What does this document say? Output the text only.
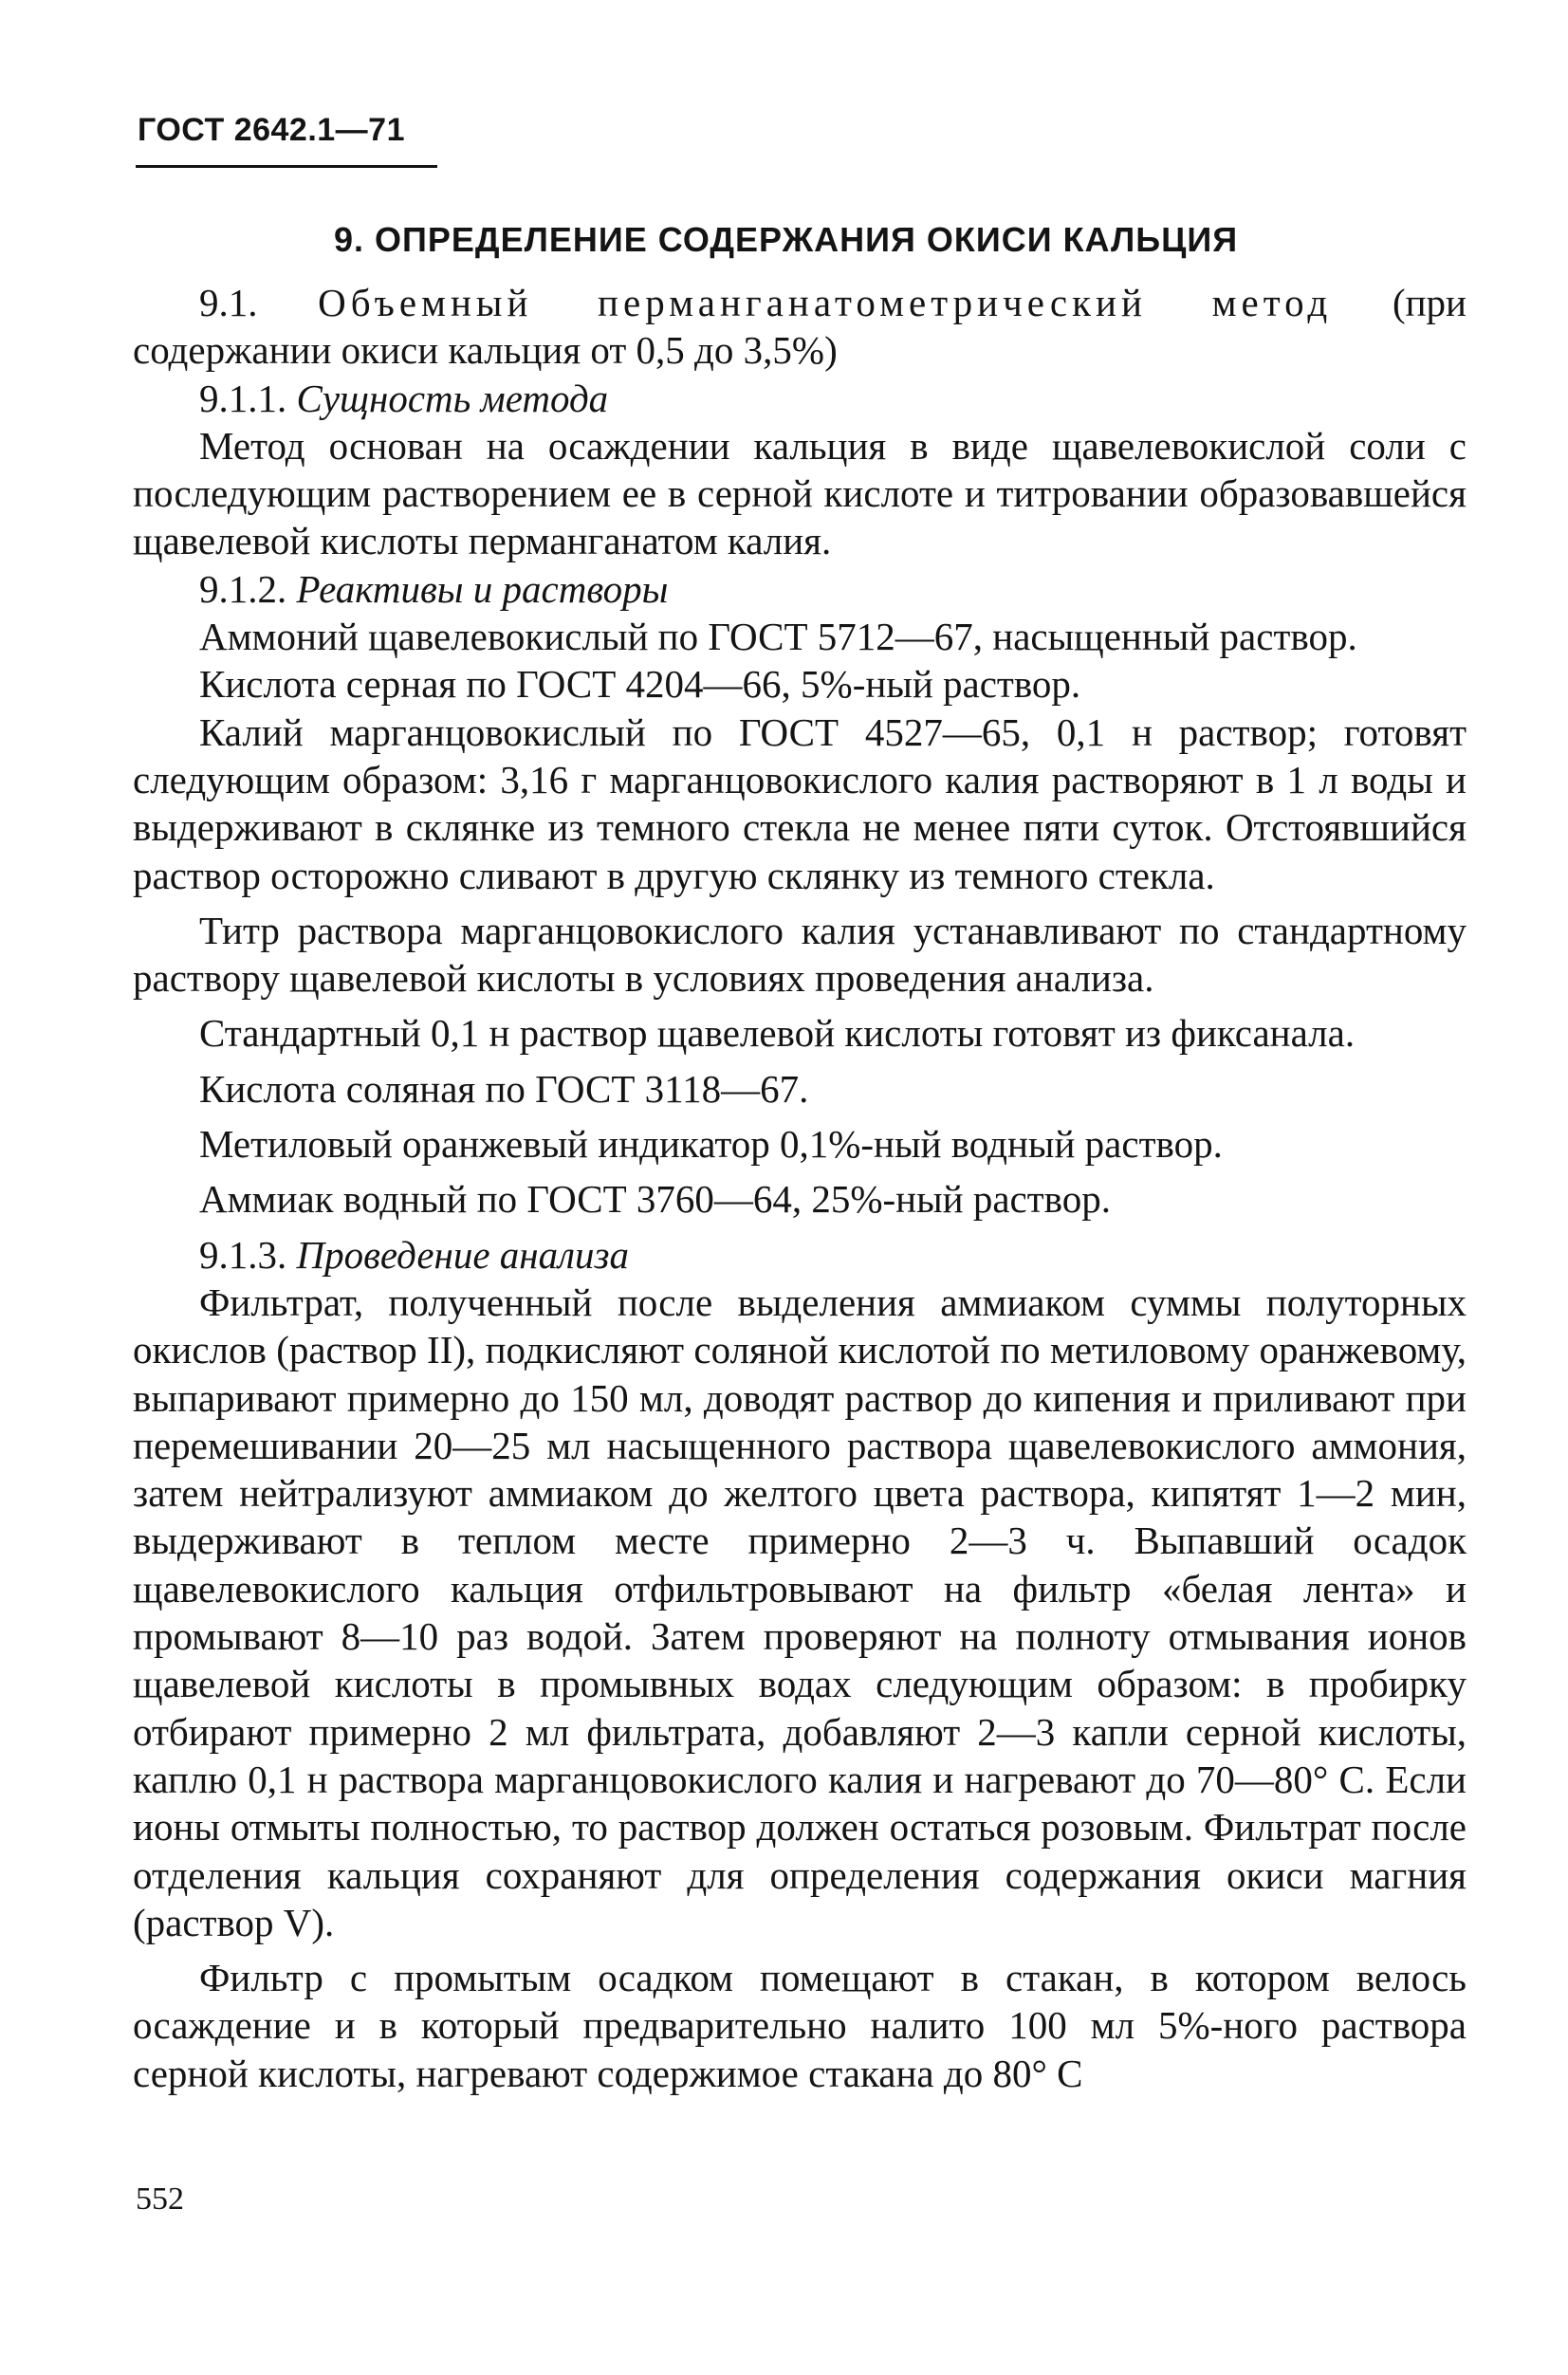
ГОСТ 2642.1—71
9. ОПРЕДЕЛЕНИЕ СОДЕРЖАНИЯ ОКИСИ КАЛЬЦИЯ

9.1. Объемный перманганатометрический метод (при содержании окиси кальция от 0,5 до 3,5%)

9.1.1. Сущность метода

Метод основан на осаждении кальция в виде щавелевокислой соли с последующим растворением ее в серной кислоте и титровании образовавшейся щавелевой кислоты перманганатом калия.

9.1.2. Реактивы и растворы

Аммоний щавелевокислый по ГОСТ 5712—67, насыщенный раствор.

Кислота серная по ГОСТ 4204—66, 5%-ный раствор.

Калий марганцовокислый по ГОСТ 4527—65, 0,1 н раствор; готовят следующим образом: 3,16 г марганцовокислого калия растворяют в 1 л воды и выдерживают в склянке из темного стекла не менее пяти суток. Отстоявшийся раствор осторожно сливают в другую склянку из темного стекла.

Титр раствора марганцовокислого калия устанавливают по стандартному раствору щавелевой кислоты в условиях проведения анализа.

Стандартный 0,1 н раствор щавелевой кислоты готовят из фиксанала.

Кислота соляная по ГОСТ 3118—67.

Метиловый оранжевый индикатор 0,1%-ный водный раствор.

Аммиак водный по ГОСТ 3760—64, 25%-ный раствор.

9.1.3. Проведение анализа

Фильтрат, полученный после выделения аммиаком суммы полуторных окислов (раствор II), подкисляют соляной кислотой по метиловому оранжевому, выпаривают примерно до 150 мл, доводят раствор до кипения и приливают при перемешивании 20—25 мл насыщенного раствора щавелевокислого аммония, затем нейтрализуют аммиаком до желтого цвета раствора, кипятят 1—2 мин, выдерживают в теплом месте примерно 2—3 ч. Выпавший осадок щавелевокислого кальция отфильтровывают на фильтр «белая лента» и промывают 8—10 раз водой. Затем проверяют на полноту отмывания ионов щавелевой кислоты в промывных водах следующим образом: в пробирку отбирают примерно 2 мл фильтрата, добавляют 2—3 капли серной кислоты, каплю 0,1 н раствора марганцовокислого калия и нагревают до 70—80° С. Если ионы отмыты полностью, то раствор должен остаться розовым. Фильтрат после отделения кальция сохраняют для определения содержания окиси магния (раствор V).

Фильтр с промытым осадком помещают в стакан, в котором велось осаждение и в который предварительно налито 100 мл 5%-ного раствора серной кислоты, нагревают содержимое стакана до 80° С

552
